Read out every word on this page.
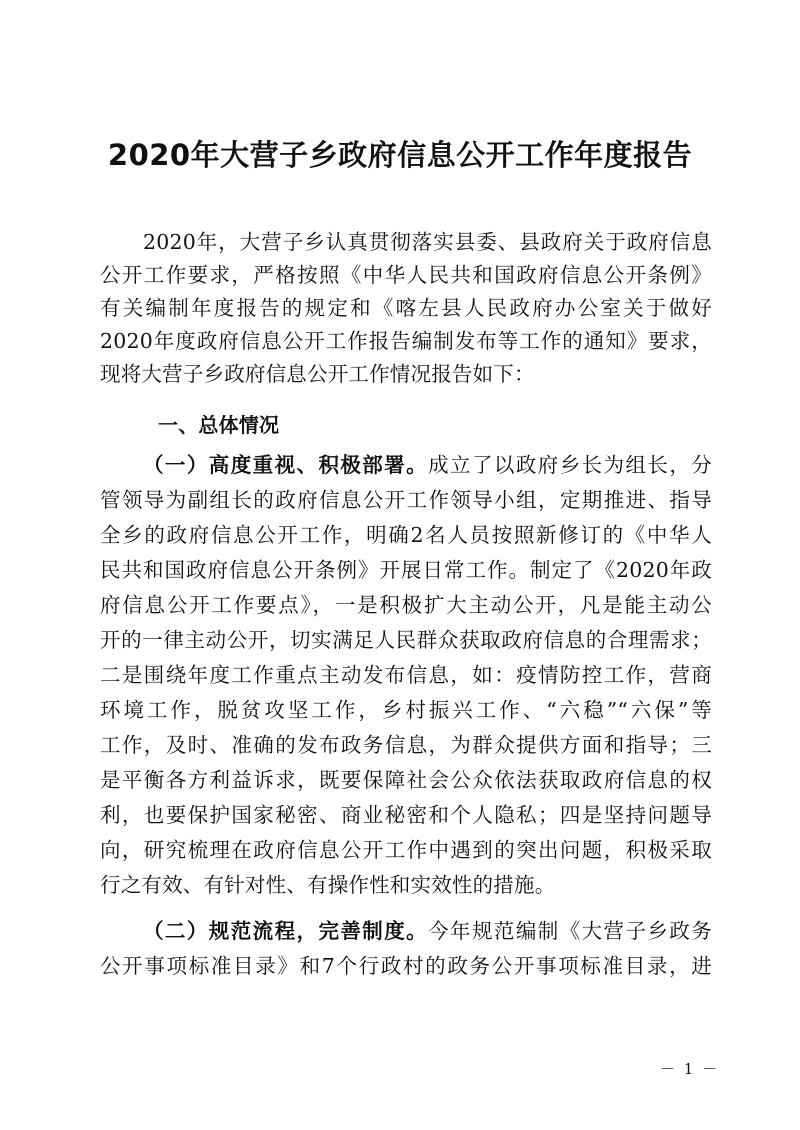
2020年大营子乡政府信息公开工作年度报告
2020年，大营子乡认真贯彻落实县委、县政府关于政府信息
公开工作要求，严格按照《中华人民共和国政府信息公开条例》
有关编制年度报告的规定和《喀左县人民政府办公室关于做好
2020年度政府信息公开工作报告编制发布等工作的通知》要求，
现将大营子乡政府信息公开工作情况报告如下：
一、总体情况
（一）高度重视、积极部署。成立了以政府乡长为组长，分
管领导为副组长的政府信息公开工作领导小组，定期推进、指导
全乡的政府信息公开工作，明确2名人员按照新修订的《中华人
民共和国政府信息公开条例》开展日常工作。制定了《2020年政
府信息公开工作要点》，一是积极扩大主动公开，凡是能主动公
开的一律主动公开，切实满足人民群众获取政府信息的合理需求；
二是围绕年度工作重点主动发布信息，如：疫情防控工作，营商
环境工作，脱贫攻坚工作，乡村振兴工作、“六稳”“六保”等
工作，及时、准确的发布政务信息，为群众提供方面和指导；三
是平衡各方利益诉求，既要保障社会公众依法获取政府信息的权
利，也要保护国家秘密、商业秘密和个人隐私；四是坚持问题导
向，研究梳理在政府信息公开工作中遇到的突出问题，积极采取
行之有效、有针对性、有操作性和实效性的措施。
（二）规范流程，完善制度。今年规范编制《大营子乡政务
公开事项标准目录》和7个行政村的政务公开事项标准目录，进
－ 1 －
